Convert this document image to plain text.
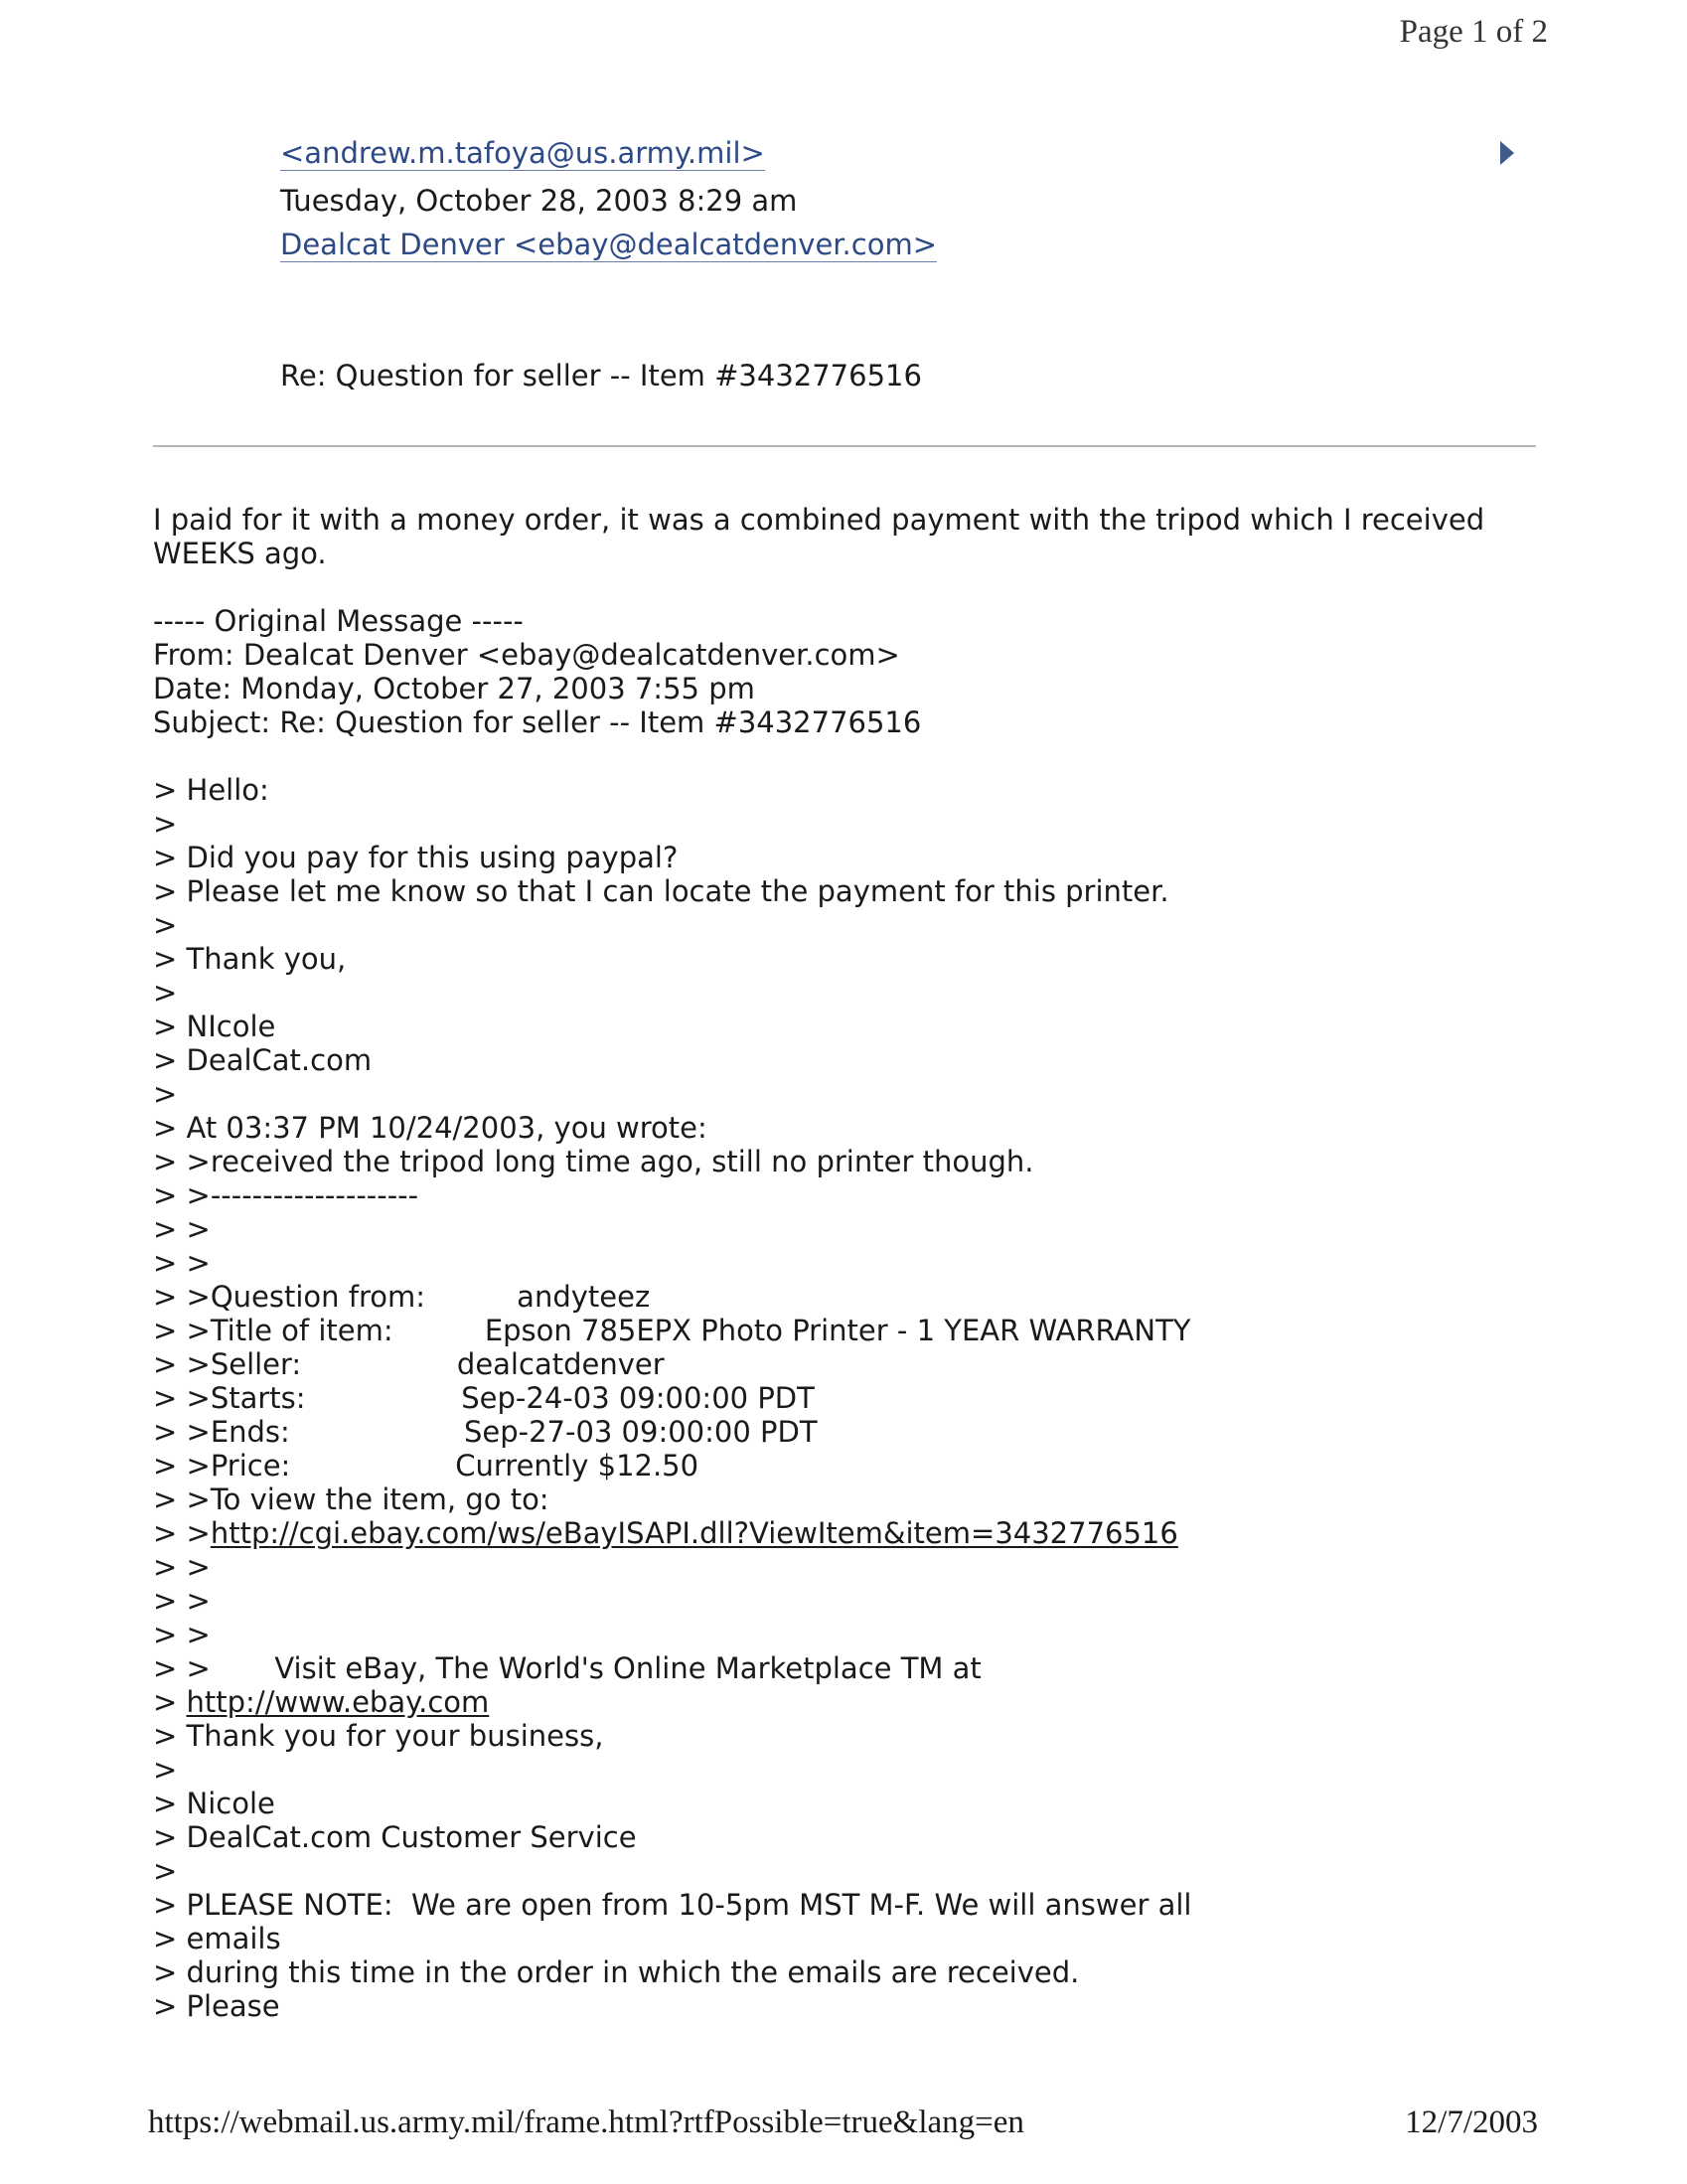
Page 1 of 2
<andrew.m.tafoya@us.army.mil>
Tuesday, October 28, 2003 8:29 am
Dealcat Denver <ebay@dealcatdenver.com>
Re: Question for seller -- Item #3432776516
I paid for it with a money order, it was a combined payment with the tripod which I received WEEKS ago.
----- Original Message -----
From: Dealcat Denver <ebay@dealcatdenver.com>
Date: Monday, October 27, 2003 7:55 pm
Subject: Re: Question for seller -- Item #3432776516
> Hello:
>
> Did you pay for this using paypal?
> Please let me know so that I can locate the payment for this printer.
>
> Thank you,
>
> NIcole
> DealCat.com
>
> At 03:37 PM 10/24/2003, you wrote:
> >received the tripod long time ago, still no printer though.
> >--------------------
> >
> >
> >Question from:          andyteez
> >Title of item:          Epson 785EPX Photo Printer - 1 YEAR WARRANTY
> >Seller:                 dealcatdenver
> >Starts:                 Sep-24-03 09:00:00 PDT
> >Ends:                   Sep-27-03 09:00:00 PDT
> >Price:                  Currently $12.50
> >To view the item, go to:
> >http://cgi.ebay.com/ws/eBayISAPI.dll?ViewItem&item=3432776516
> >
> >
> >
> >       Visit eBay, The World's Online Marketplace TM at
> http://www.ebay.com
> Thank you for your business,
>
> Nicole
> DealCat.com Customer Service
>
> PLEASE NOTE:  We are open from 10-5pm MST M-F. We will answer all
> emails
> during this time in the order in which the emails are received.
> Please
https://webmail.us.army.mil/frame.html?rtfPossible=true&lang=en	12/7/2003
